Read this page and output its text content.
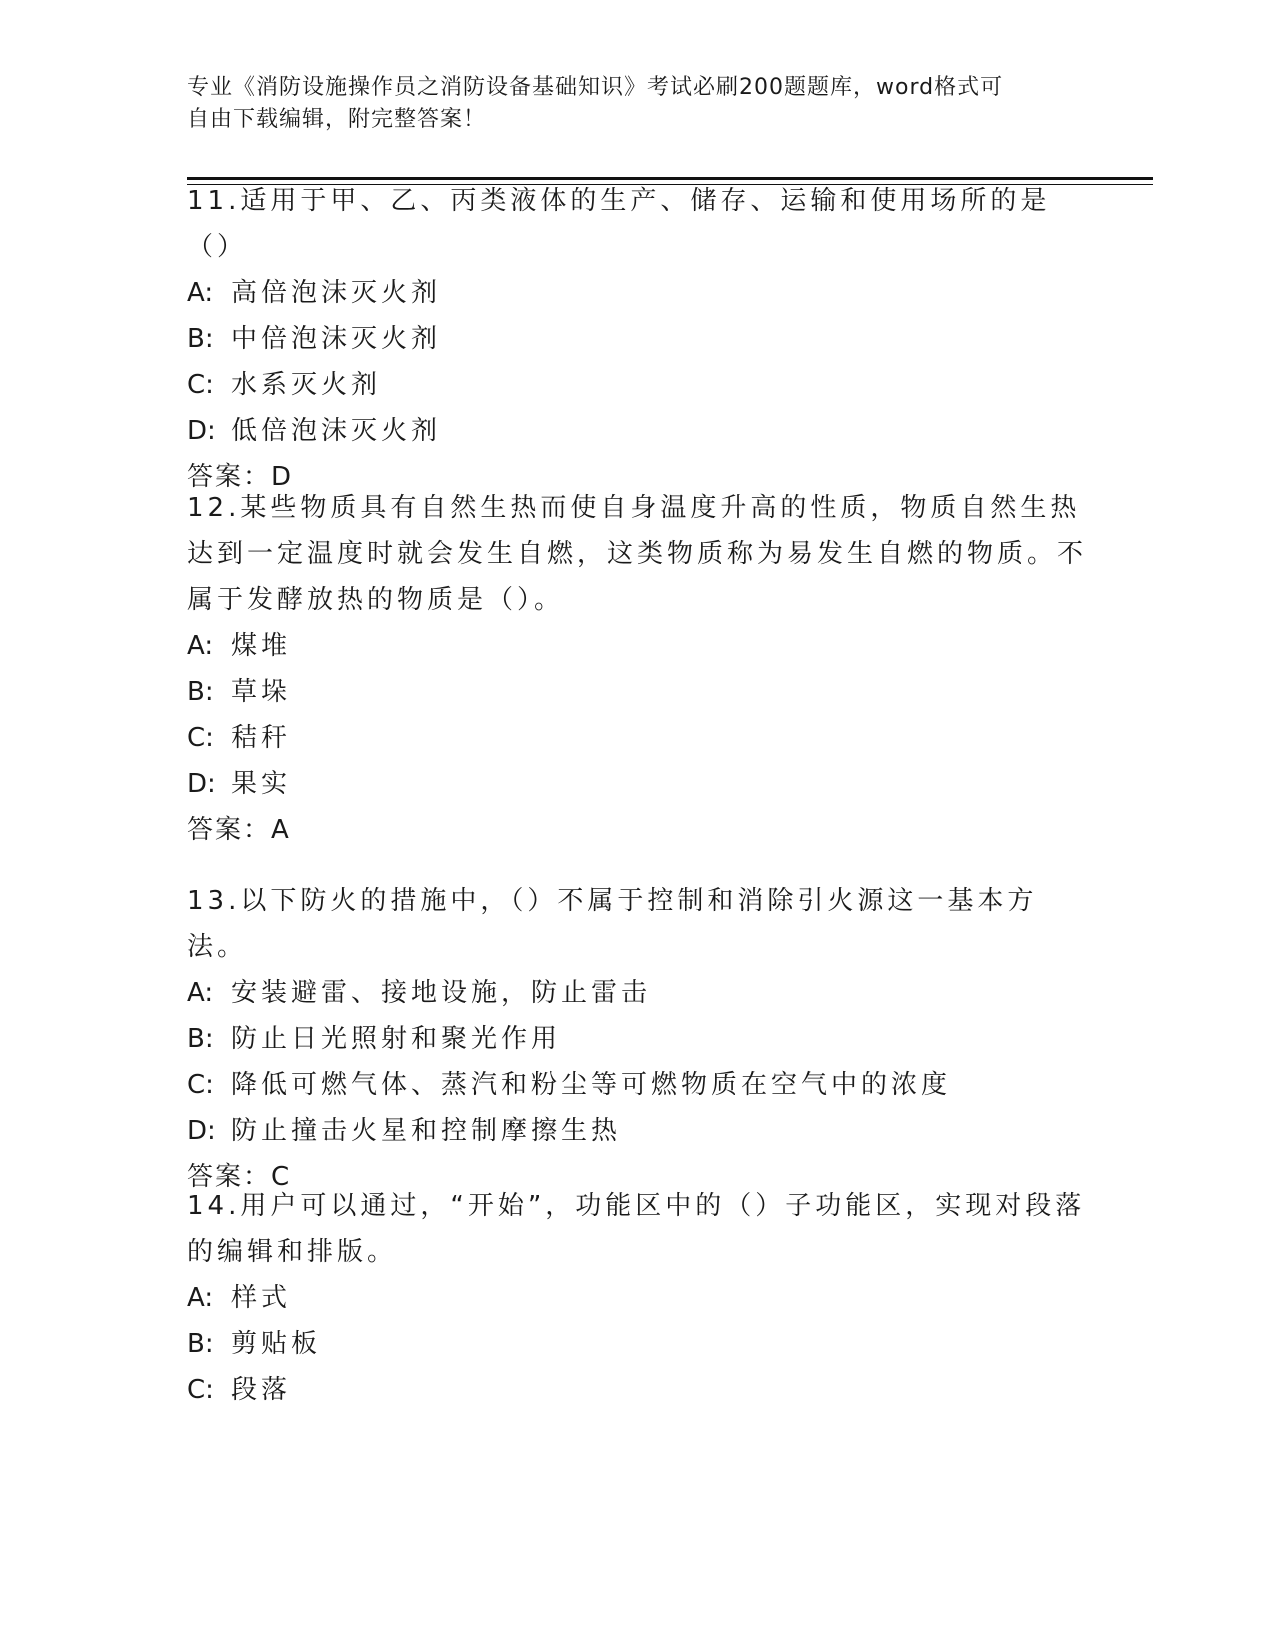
专业《消防设施操作员之消防设备基础知识》考试必刷200题题库，word格式可
自由下载编辑，附完整答案！
11.适用于甲、乙、丙类液体的生产、储存、运输和使用场所的是（）
A: 高倍泡沫灭火剂
B: 中倍泡沫灭火剂
C: 水系灭火剂
D: 低倍泡沫灭火剂
答案：D
12.某些物质具有自然生热而使自身温度升高的性质，物质自然生热达到一定温度时就会发生自燃，这类物质称为易发生自燃的物质。不属于发酵放热的物质是（）。
A: 煤堆
B: 草垛
C: 秸秆
D: 果实
答案：A
13.以下防火的措施中，（）不属于控制和消除引火源这一基本方法。
A: 安装避雷、接地设施，防止雷击
B: 防止日光照射和聚光作用
C: 降低可燃气体、蒸汽和粉尘等可燃物质在空气中的浓度
D: 防止撞击火星和控制摩擦生热
答案：C
14.用户可以通过，“开始”，功能区中的（）子功能区，实现对段落的编辑和排版。
A: 样式
B: 剪贴板
C: 段落
